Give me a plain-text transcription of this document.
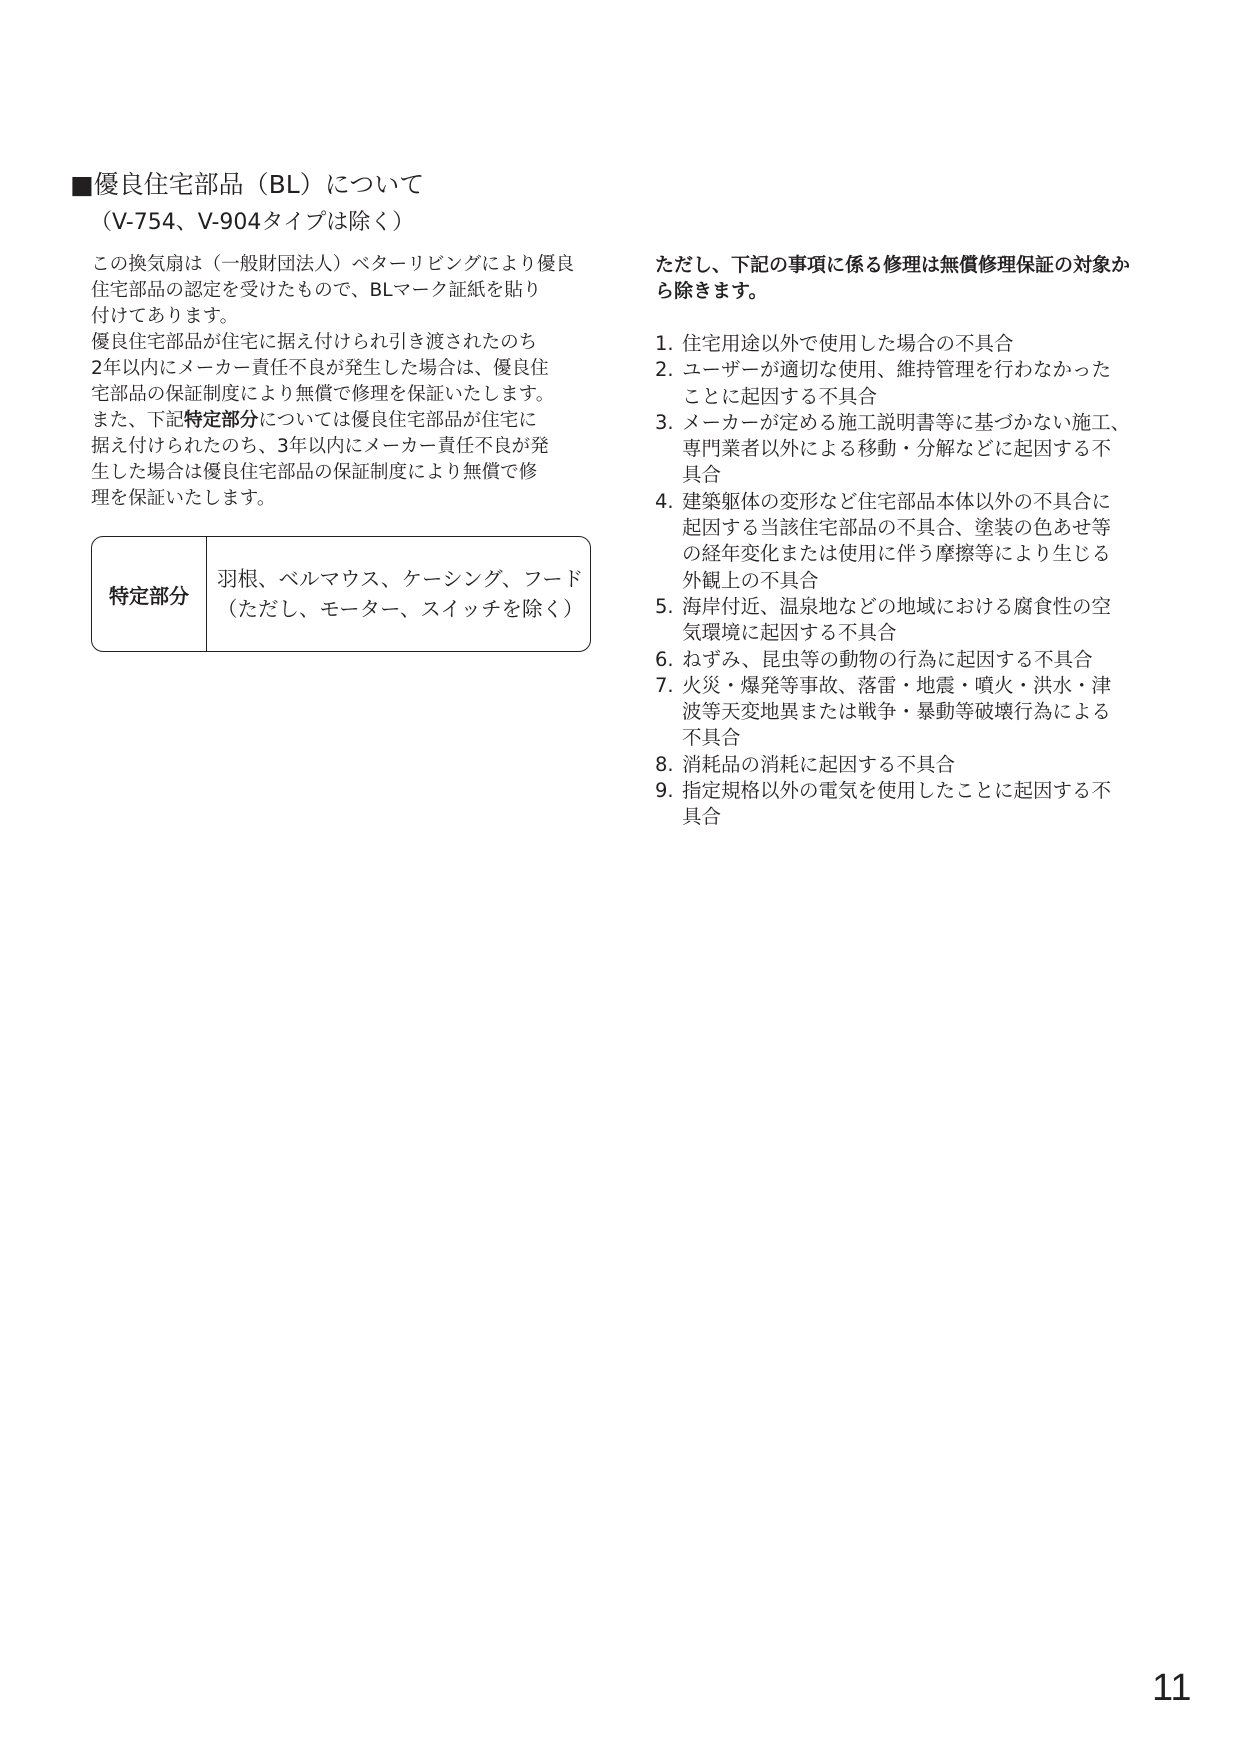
■優良住宅部品（BL）について
（V-754、V-904タイプは除く）

この換気扇は（一般財団法人）ベターリビングにより優良
住宅部品の認定を受けたもので、BLマーク証紙を貼り
付けてあります。

優良住宅部品が住宅に据え付けられ引き渡されたのち
2年以内にメーカー責任不良が発生した場合は、優良住
宅部品の保証制度により無償で修理を保証いたします。

また、下記特定部分については優良住宅部品が住宅に
据え付けられたのち、3年以内にメーカー責任不良が発
生した場合は優良住宅部品の保証制度により無償で修
理を保証いたします。

特定部分
羽根、ベルマウス、ケーシング、フード
（ただし、モーター、スイッチを除く）
ただし、下記の事項に係る修理は無償修理保証の対象か
ら除きます。
1. 住宅用途以外で使用した場合の不具合
2. ユーザーが適切な使用、維持管理を行わなかった
ことに起因する不具合
3. メーカーが定める施工説明書等に基づかない施工、
専門業者以外による移動・分解などに起因する不
具合
4. 建築躯体の変形など住宅部品本体以外の不具合に
起因する当該住宅部品の不具合、塗装の色あせ等
の経年変化または使用に伴う摩擦等により生じる
外観上の不具合
5. 海岸付近、温泉地などの地域における腐食性の空
気環境に起因する不具合
6. ねずみ、昆虫等の動物の行為に起因する不具合
7. 火災・爆発等事故、落雷・地震・噴火・洪水・津
波等天変地異または戦争・暴動等破壊行為による
不具合
8. 消耗品の消耗に起因する不具合
9. 指定規格以外の電気を使用したことに起因する不
具合
11
